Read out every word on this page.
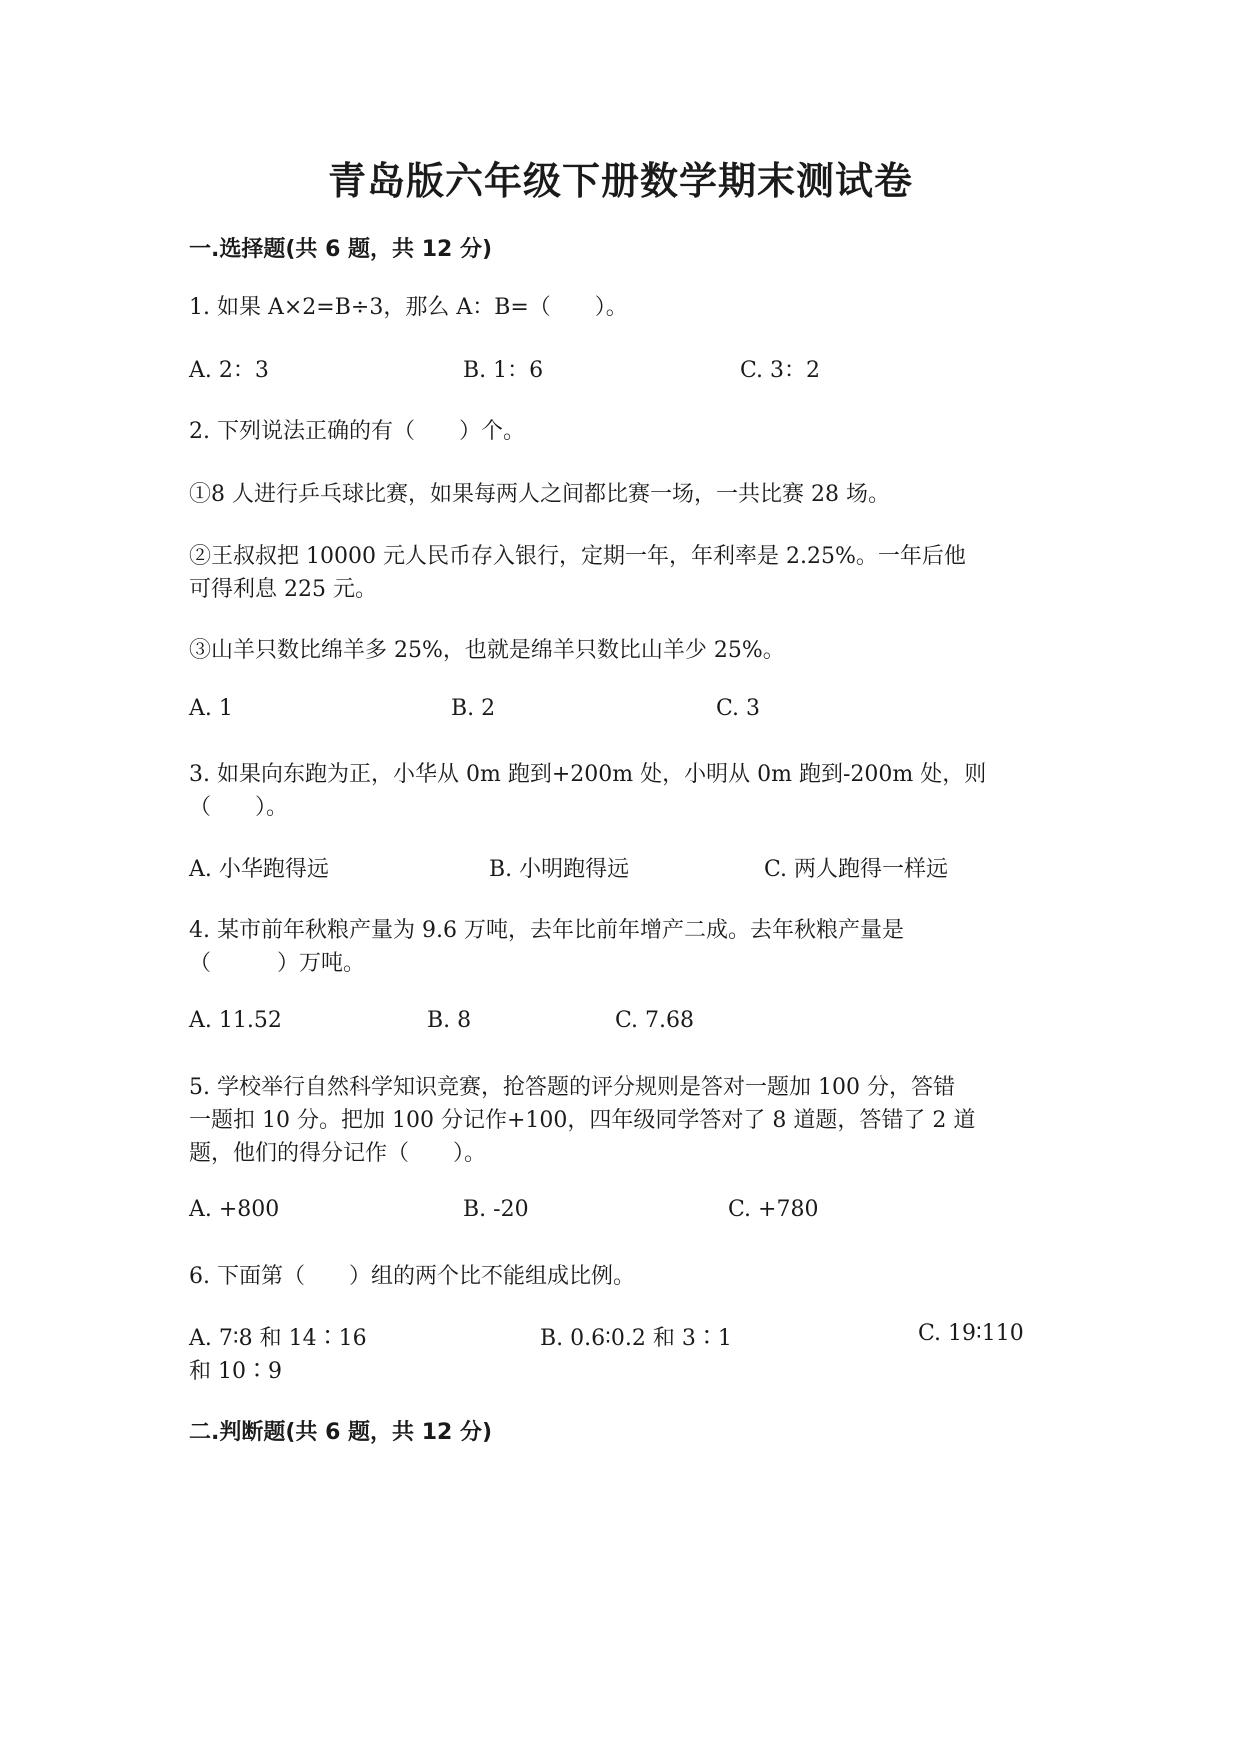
青岛版六年级下册数学期末测试卷
一.选择题(共 6 题，共 12 分)
1. 如果 A×2=B÷3，那么 A：B=（　　）。
A. 2：3	B. 1：6	C. 3：2
2. 下列说法正确的有（　　）个。
①8 人进行乒乓球比赛，如果每两人之间都比赛一场，一共比赛 28 场。
②王叔叔把 10000 元人民币存入银行，定期一年，年利率是 2.25%。一年后他
可得利息 225 元。
③山羊只数比绵羊多 25%，也就是绵羊只数比山羊少 25%。
A. 1	B. 2	C. 3
3. 如果向东跑为正，小华从 0m 跑到+200m 处，小明从 0m 跑到-200m 处，则
（　　）。
A. 小华跑得远	B. 小明跑得远	C. 两人跑得一样远
4. 某市前年秋粮产量为 9.6 万吨，去年比前年增产二成。去年秋粮产量是
（　　　）万吨。
A. 11.52	B. 8	C. 7.68
5. 学校举行自然科学知识竞赛，抢答题的评分规则是答对一题加 100 分，答错
一题扣 10 分。把加 100 分记作+100，四年级同学答对了 8 道题，答错了 2 道
题，他们的得分记作（　　）。
A. +800	B. -20	C. +780
6. 下面第（　　）组的两个比不能组成比例。
A. 7∶8 和 14∶16	B. 0.6∶0.2 和 3∶1	C. 19∶110
和 10∶9
二.判断题(共 6 题，共 12 分)
